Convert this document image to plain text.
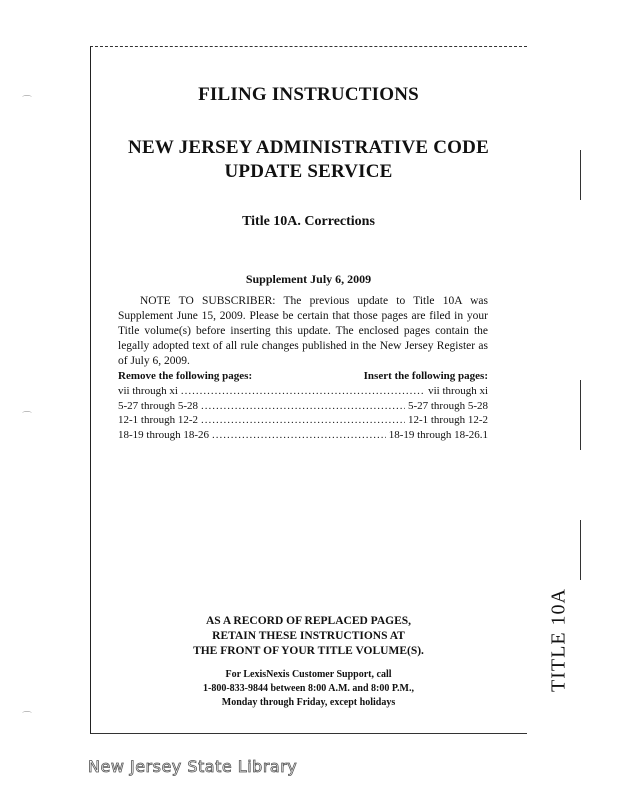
⌒
⌒
⌒
FILING INSTRUCTIONS
NEW JERSEY ADMINISTRATIVE CODE
UPDATE SERVICE
Title 10A. Corrections
Supplement July 6, 2009
NOTE TO SUBSCRIBER: The previous update to Title 10A was Supplement June 15, 2009. Please be certain that those pages are filed in your Title volume(s) before inserting this update. The enclosed pages contain the legally adopted text of all rule changes published in the New Jersey Register as of July 6, 2009.
Remove the following pages:	Insert the following pages:
vii through xi .....	vii through xi
5-27 through 5-28 .....	5-27 through 5-28
12-1 through 12-2 .....	12-1 through 12-2
18-19 through 18-26 .....	18-19 through 18-26.1
AS A RECORD OF REPLACED PAGES,
RETAIN THESE INSTRUCTIONS AT
THE FRONT OF YOUR TITLE VOLUME(S).
For LexisNexis Customer Support, call
1-800-833-9844 between 8:00 A.M. and 8:00 P.M.,
Monday through Friday, except holidays
TITLE 10A
New Jersey State Library
